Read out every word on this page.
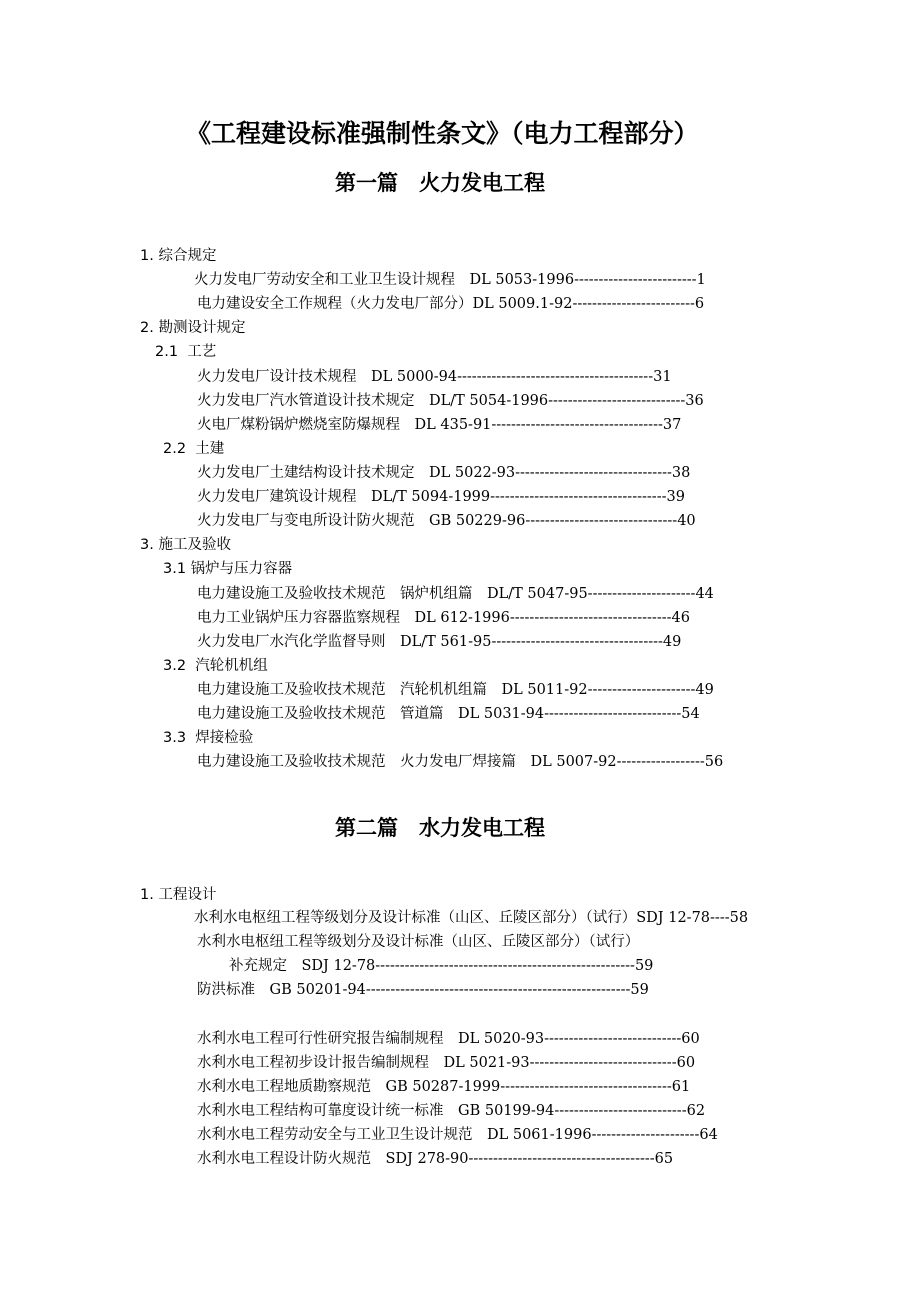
《工程建设标准强制性条文》（电力工程部分）
第一篇　火力发电工程
1. 综合规定
火力发电厂劳动安全和工业卫生设计规程　DL 5053-1996-------------------------1
电力建设安全工作规程（火力发电厂部分）DL 5009.1-92-------------------------6
2. 勘测设计规定
2.1  工艺
火力发电厂设计技术规程　DL 5000-94----------------------------------------31
火力发电厂汽水管道设计技术规定　DL/T 5054-1996----------------------------36
火电厂煤粉锅炉燃烧室防爆规程　DL 435-91-----------------------------------37
2.2  土建
火力发电厂土建结构设计技术规定　DL 5022-93--------------------------------38
火力发电厂建筑设计规程　DL/T 5094-1999------------------------------------39
火力发电厂与变电所设计防火规范　GB 50229-96-------------------------------40
3. 施工及验收
3.1 锅炉与压力容器
电力建设施工及验收技术规范　锅炉机组篇　DL/T 5047-95----------------------44
电力工业锅炉压力容器监察规程　DL 612-1996---------------------------------46
火力发电厂水汽化学监督导则　DL/T 561-95-----------------------------------49
3.2  汽轮机机组
电力建设施工及验收技术规范　汽轮机机组篇　DL 5011-92----------------------49
电力建设施工及验收技术规范　管道篇　DL 5031-94----------------------------54
3.3  焊接检验
电力建设施工及验收技术规范　火力发电厂焊接篇　DL 5007-92------------------56
第二篇　水力发电工程
1. 工程设计
水利水电枢纽工程等级划分及设计标准（山区、丘陵区部分）（试行）SDJ 12-78----58
水利水电枢纽工程等级划分及设计标准（山区、丘陵区部分）（试行）
补充规定　SDJ 12-78-----------------------------------------------------59
防洪标准　GB 50201-94------------------------------------------------------59
水利水电工程可行性研究报告编制规程　DL 5020-93----------------------------60
水利水电工程初步设计报告编制规程　DL 5021-93------------------------------60
水利水电工程地质勘察规范　GB 50287-1999-----------------------------------61
水利水电工程结构可靠度设计统一标准　GB 50199-94---------------------------62
水利水电工程劳动安全与工业卫生设计规范　DL 5061-1996----------------------64
水利水电工程设计防火规范　SDJ 278-90--------------------------------------65
